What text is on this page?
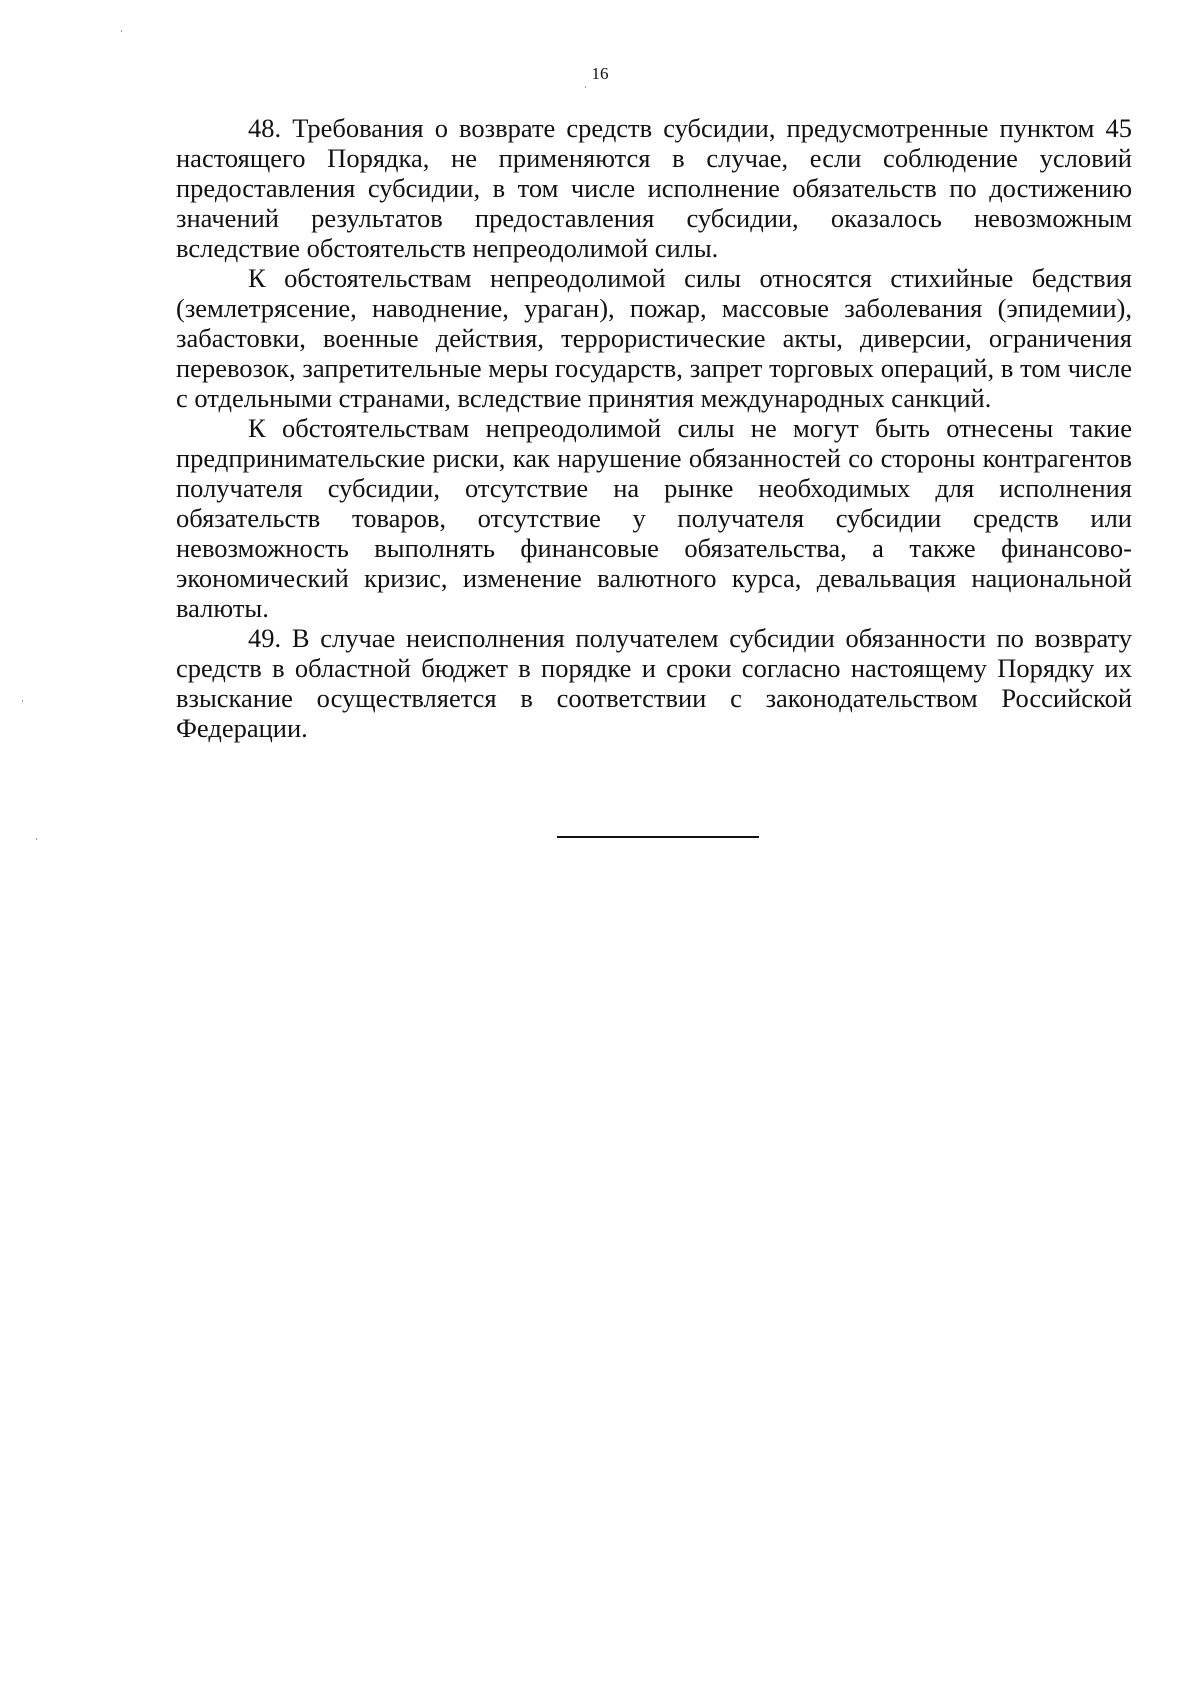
16

48. Требования о возврате средств субсидии, предусмотренные пунктом 45 настоящего Порядка, не применяются в случае, если соблюдение условий предоставления субсидии, в том числе исполнение обязательств по достижению значений результатов предоставления субсидии, оказалось невозможным вследствие обстоятельств непреодолимой силы.

К обстоятельствам непреодолимой силы относятся стихийные бедствия (землетрясение, наводнение, ураган), пожар, массовые заболевания (эпидемии), забастовки, военные действия, террористические акты, диверсии, ограничения перевозок, запретительные меры государств, запрет торговых операций, в том числе с отдельными странами, вследствие принятия международных санкций.

К обстоятельствам непреодолимой силы не могут быть отнесены такие предпринимательские риски, как нарушение обязанностей со стороны контрагентов получателя субсидии, отсутствие на рынке необходимых для исполнения обязательств товаров, отсутствие у получателя субсидии средств или невозможность выполнять финансовые обязательства, а также финансово-экономический кризис, изменение валютного курса, девальвация национальной валюты.

49. В случае неисполнения получателем субсидии обязанности по возврату средств в областной бюджет в порядке и сроки согласно настоящему Порядку их взыскание осуществляется в соответствии с законодательством Российской Федерации.
